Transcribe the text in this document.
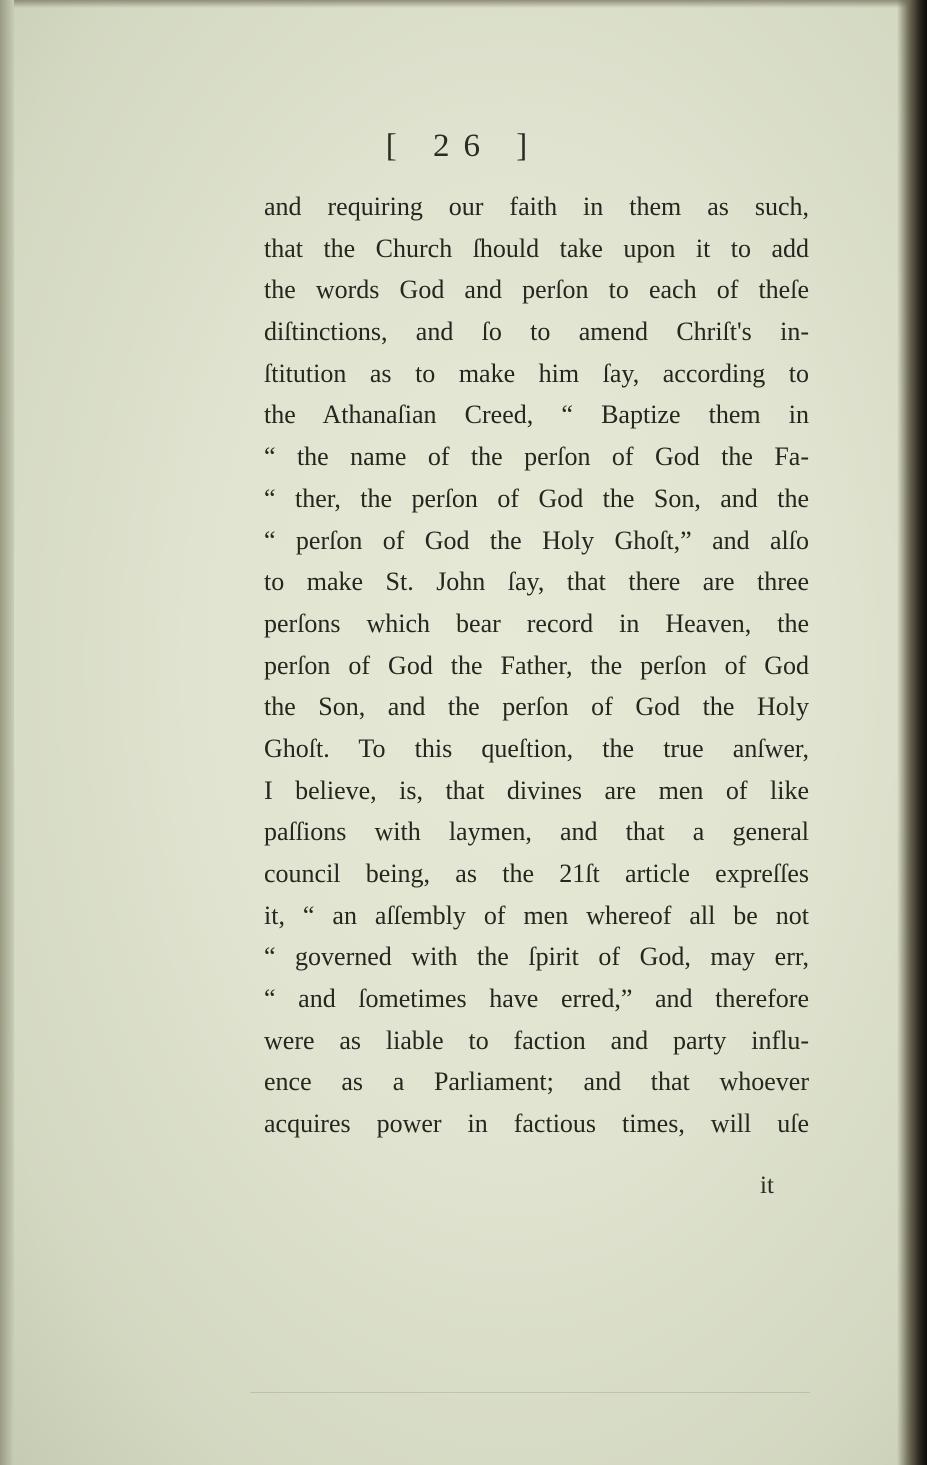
[ 26 ]
and requiring our faith in them as such,
that the Church ſhould take upon it to add
the words God and perſon to each of theſe
diſtinctions, and ſo to amend Chriſt's in-
ſtitution as to make him ſay, according to
the Athanaſian Creed, “ Baptize them in
“ the name of the perſon of God the Fa-
“ ther, the perſon of God the Son, and the
“ perſon of God the Holy Ghoſt,” and alſo
to make St. John ſay, that there are three
perſons which bear record in Heaven, the
perſon of God the Father, the perſon of God
the Son, and the perſon of God the Holy
Ghoſt. To this queſtion, the true anſwer,
I believe, is, that divines are men of like
paſſions with laymen, and that a general
council being, as the 21ſt article expreſſes
it, “ an aſſembly of men whereof all be not
“ governed with the ſpirit of God, may err,
“ and ſometimes have erred,” and therefore
were as liable to faction and party influ-
ence as a Parliament; and that whoever
acquires power in factious times, will uſe
it
